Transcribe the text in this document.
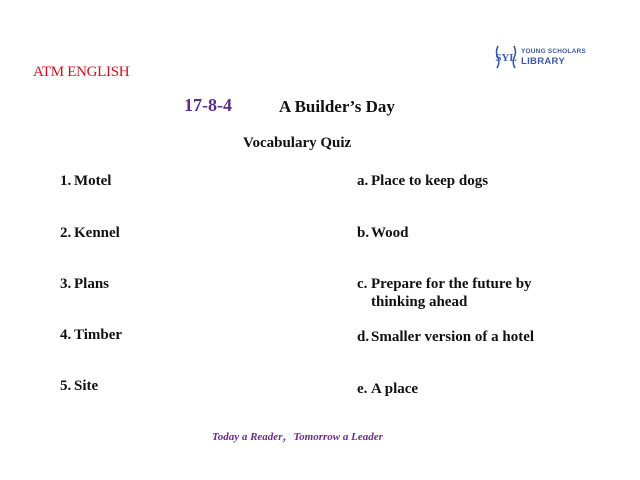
ATM ENGLISH
SYL
YOUNG SCHOLARS
LIBRARY
17-8-4	A Builder’s Day
Vocabulary Quiz
1. Motel
2. Kennel
3. Plans
4. Timber
5. Site
a. Place to keep dogs
b. Wood
c. Prepare for the future by thinking ahead
d. Smaller version of a hotel
e. A place
Today a Reader，Tomorrow a Leader
